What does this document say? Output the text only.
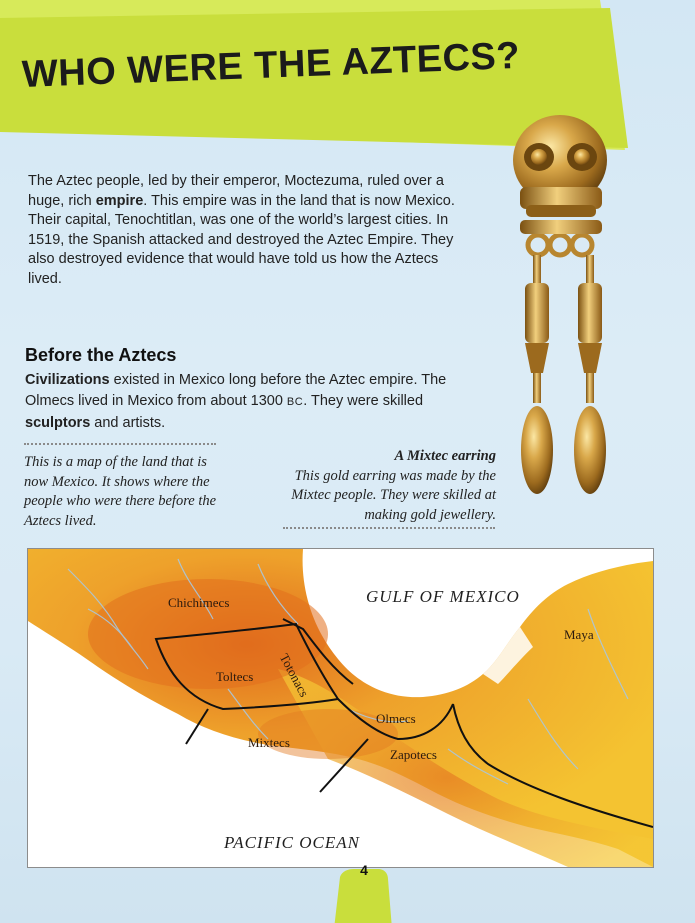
WHO WERE THE AZTECS?

The Aztec people, led by their emperor, Moctezuma, ruled over a huge, rich empire. This empire was in the land that is now Mexico. Their capital, Tenochtitlan, was one of the world’s largest cities. In 1519, the Spanish attacked and destroyed the Aztec Empire. They also destroyed evidence that would have told us how the Aztecs lived.

Before the Aztecs

Civilizations existed in Mexico long before the Aztec empire. The Olmecs lived in Mexico from about 1300 BC. They were skilled sculptors and artists.

This is a map of the land that is now Mexico. It shows where the people who were there before the Aztecs lived.

A Mixtec earring
This gold earring was made by the Mixtec people. They were skilled at making gold jewellery.

GULF OF MEXICO

PACIFIC OCEAN

Chichimecs

Toltecs Totonacs

Mixtecs

Olmecs

Zapotecs

Maya

4
